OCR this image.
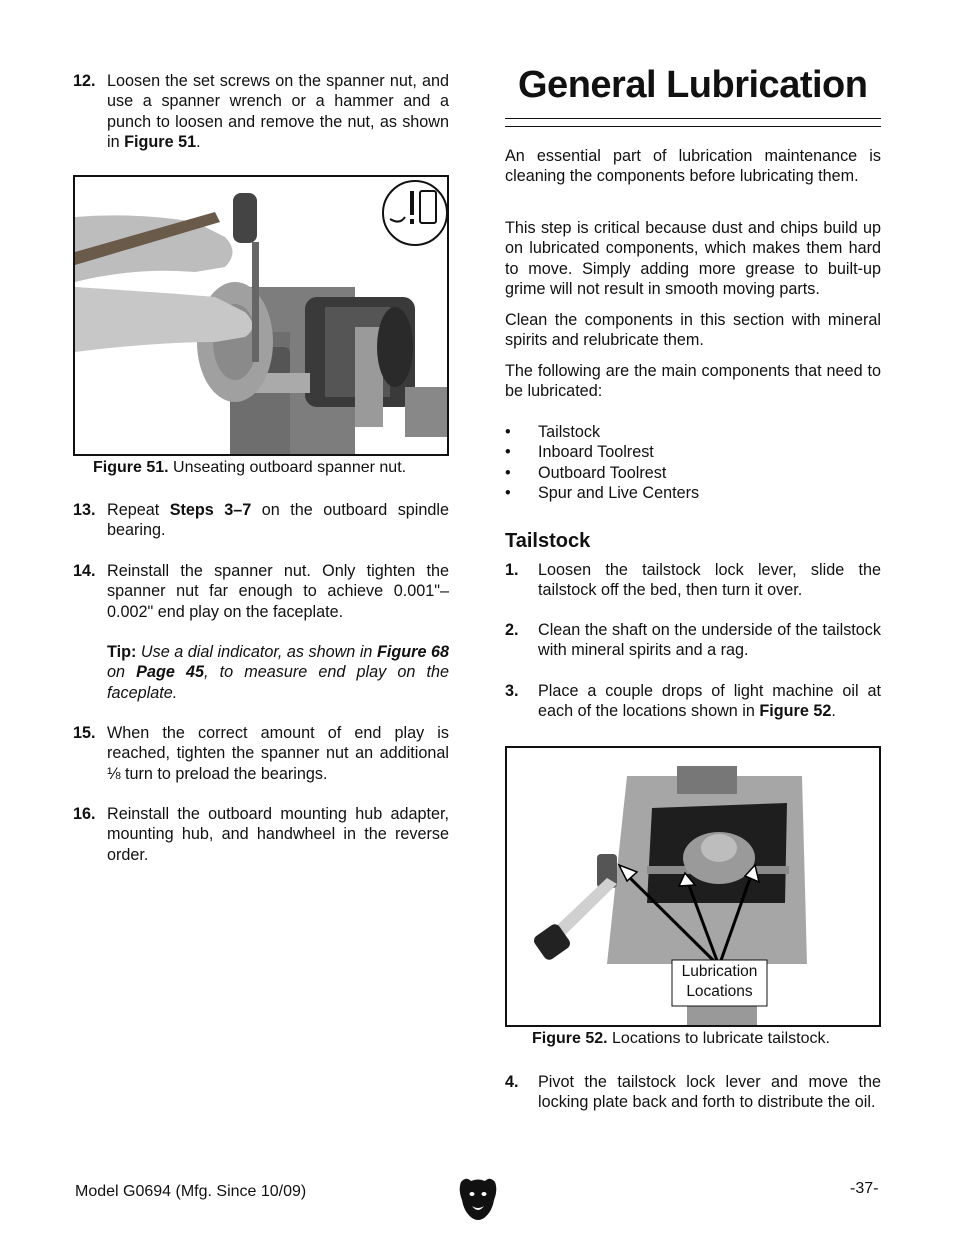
12. Loosen the set screws on the spanner nut, and use a spanner wrench or a hammer and a punch to loosen and remove the nut, as shown in Figure 51.
Figure 51. Unseating outboard spanner nut.
13. Repeat Steps 3–7 on the outboard spindle bearing.
14. Reinstall the spanner nut. Only tighten the spanner nut far enough to achieve 0.001"–0.002" end play on the faceplate.
Tip: Use a dial indicator, as shown in Figure 68 on Page 45, to measure end play on the faceplate.
15. When the correct amount of end play is reached, tighten the spanner nut an additional ⅛ turn to preload the bearings.
16. Reinstall the outboard mounting hub adapter, mounting hub, and handwheel in the reverse order.
General Lubrication

An essential part of lubrication maintenance is cleaning the components before lubricating them.

This step is critical because dust and chips build up on lubricated components, which makes them hard to move. Simply adding more grease to built-up grime will not result in smooth moving parts.

Clean the components in this section with mineral spirits and relubricate them.

The following are the main components that need to be lubricated:

• Tailstock
• Inboard Toolrest
• Outboard Toolrest
• Spur and Live Centers
Tailstock
1. Loosen the tailstock lock lever, slide the tailstock off the bed, then turn it over.
2. Clean the shaft on the underside of the tailstock with mineral spirits and a rag.
3. Place a couple drops of light machine oil at each of the locations shown in Figure 52.
Lubrication
Locations
Figure 52. Locations to lubricate tailstock.
4. Pivot the tailstock lock lever and move the locking plate back and forth to distribute the oil.
Model G0694 (Mfg. Since 10/09)	-37-
